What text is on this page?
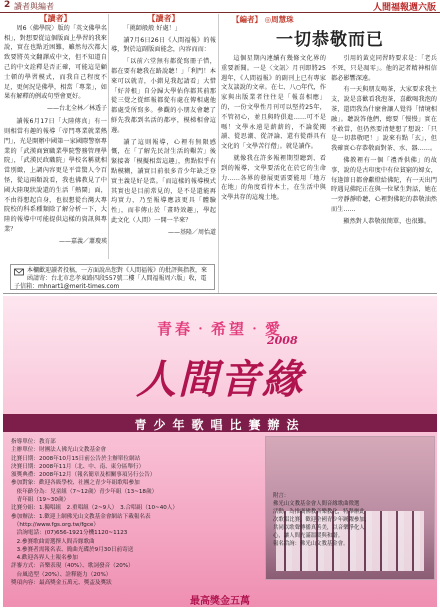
2 讀者與編者	人間福報週六版
【讀者】

周6〈佛學院〉版的「英文佛學名相」，對想要從這個版面上學習的我來說，實在也點近困難，雖然每次都大致要將英文翻譯成中文，但不知道自己的中文詮釋是否正確，可能這是顧士頓的學習模式，而我自己程度不足，更何況是佛學，相當「專業」，如果有解釋的例或句型會更好。

——台北全林／林透子

讀報6月17日「大陸傳真」有一則相當有趣的報導「帝門專業就業熱門」，光是開辦中國第一家國際警察專業的「武漢商貿職業學院警務管理學院」，「武漢民政職院」學校名稱就相當別緻，上調內容更是平當驚人令百怪，從這兩類說看，我也佛教見了中國大陸現狀說還的生活「熱鬧」面，不由得想起自身，也很想從台灣大專院校的科系種類除了解分析一下，大陸的報導中可能提供這樣的資訊與專業？

——嘉義／蕭瓊瑛
【讀者】

「挑師般般 好處！」

讀7月6日26日《人間福報》的報導，對於這副版面能念，內容而而：

「以前六堂無有都從寫冊子惜，都在要有聽我在路說聽！」「利門！本來可以就青，小錯見我起請看」大惜「好菩根」自分歸大學佑你都其前那從三覺之從經報都從有處在傳相處他都處受所寫多。參觀的小朋友會聽了鮮先我都到名活的都亭，模梯相會這邊。

讀了這則報導，心裡有無限感慨，在「了解先民討生活的艱苦」後緊接著「模擬相當這趣」，焦點似乎有點模糊，讀實目前很多青少年缺乏登實主義是好是當。「而這樣的報導模式其實也是目前常見的，是不是還能再均實力，乃至報導應該更具「體驗性」，而非傳止於「畫時效趣」，學起此文化（人間）一開一半來？

——基隆／周怡道
【編者】 ◎周慧珠
一切恭敬而已

這個星期內連續有幾條文化界的重要新聞。一是〈文訊〉月刊即將25週年，《人間福報》的副刊上已有專家文友談說的文章。在七、八○年代，作家與出版業者往往是「報喜相應」的，一份文學性月刊可以堅持25年，不管初心，並且與時俱進……可不是嗎！文學永遠是薪薪的，不論從閱讀、從思潮、從評論、還有從群具有文化的「文學苦行僧」。就是讀作。

就像我在許多報裡期望聽到、看到的報導，文學要活化在於它的生命力……各界的發展更需要能用「地方在地」的角度看待本土，在生活中與文學共存的這塊土地。

引用的黃克同習時要求是：「老兵不死，只是凋零」。他的記者精神相信都必影響深遠。

有一天與朋友喝茶，大家要求我主支，說是喜歡看我泡茶，喜歡喝我泡的茶，還問我為什麼會讓人覺得「情境相融」。聽說答他們，總要「慢慢」實在不敢當，但仍然要清楚想了想說：「只是一切恭敬吧！」說來有點「玄」，但我確實心存恭敬面對茶、水、器……。

佛教裡有一個「禮香供佛」的故事，說的是古印度中有位貧窮的婦女，每逢節日都會獻燈給佛陀，有一天出門時遇見佛陀正在與一位眾生對話，她在一旁靜靜聆聽，心裡對佛陀的恭敬油然而生……

顯然對人恭敬很簡單，也很難。

本欄歡迎讀者投稿，一方面說出您對《人間福報》的批評與指教，來函請寄：台北市忠孝東路四段557號二樓「人間福報周六版」收，電子信箱：mhnart1@merit-times.com
青春‧希望‧愛
2008
人間音緣
青少年歌唱比賽辦法
指導單位：教育部
主辦單位：財團法人佛光山文教基金會
比賽日期：2008年10月15日前公告於主辦單位網站
決賽日期：2008年11月（北、中、南、東分區舉行）
頒獎典禮：2008年12月（報名簡章及相關事項另行公告）
參加對象：歡迎各級學校、社團之青少年組歌唱參加
　依年齡分為：兒童組（7~12歲）青少年組（13~18歲）
　青年組（19~30歲）
比賽分組：1.獨唱組　2.重唱組（2~9人）　3.合唱組（10~40人）
參加辦法：1.歡迎上網佛光山文教基金會網站下載報名表
　（http://www.fgs.org.tw/fgce）
　洽詢電話：(07)656-1921分機1120~1123
　2.參賽歌曲需選擇人間音緣歌曲
　3.參賽者需報名表、簡曲光碟於9月30日前寄送
　4.歡迎各界人士報名參加
評審方式：音樂表現（40%）、歌詞發音（20%）
　台風造型（20%）、詮釋能力（20%）
獎項內容：最高獎金五萬元、獎盃及獎狀
附言：
佛光山文教基金會人間音緣歌曲徵選
活動，為推廣佛教音樂教化，特舉辦此
次歌唱比賽。歡迎全國青少年踴躍參加，
共同以歌聲傳播真善美，以音樂淨化人
心，讓人間充滿溫暖與和諧。
報名洽詢：佛光山文教基金會。
最高獎金五萬
